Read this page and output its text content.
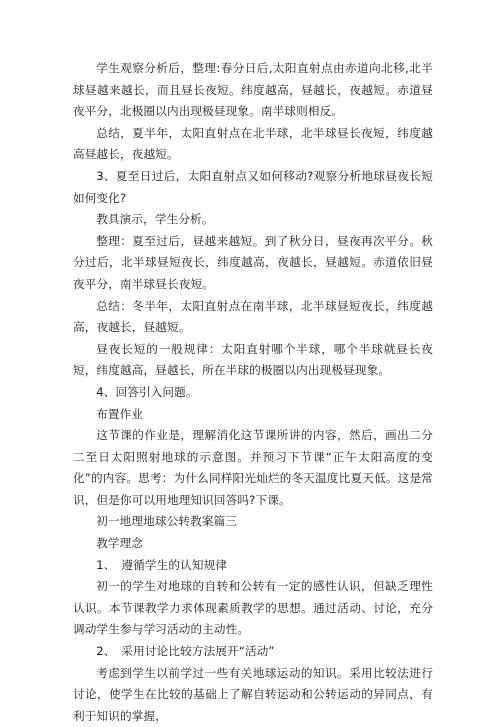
学生观察分析后，整理:春分日后,太阳直射点由赤道向北移,北半球昼越来越长，而且昼长夜短。纬度越高，昼越长，夜越短。赤道昼夜平分，北极圈以内出现极昼现象。南半球则相反。

总结，夏半年，太阳直射点在北半球，北半球昼长夜短，纬度越高昼越长，夜越短。

3、夏至日过后，太阳直射点又如何移动?观察分析地球昼夜长短如何变化?

教具演示，学生分析。

整理：夏至过后，昼越来越短。到了秋分日，昼夜再次平分。秋分过后，北半球昼短夜长，纬度越高，夜越长，昼越短。赤道依旧昼夜平分，南半球昼长夜短。

总结：冬半年，太阳直射点在南半球，北半球昼短夜长，纬度越高，夜越长，昼越短。

昼夜长短的一般规律：太阳直射哪个半球，哪个半球就昼长夜短，纬度越高，昼越长，所在半球的极圈以内出现极昼现象。

4、回答引入问题。

布置作业

这节课的作业是，理解消化这节课所讲的内容，然后，画出二分二至日太阳照射地球的示意图。并预习下节课“正午太阳高度的变化”的内容。思考：为什么同样阳光灿烂的冬天温度比夏天低。这是常识，但是你可以用地理知识回答吗?下课。

初一地理地球公转教案篇三

教学理念

1、　遵循学生的认知规律

初一的学生对地球的自转和公转有一定的感性认识，但缺乏理性认识。本节课教学力求体现素质教学的思想。通过活动、讨论，充分调动学生参与学习活动的主动性。

2、　采用讨论比较方法展开“活动”

考虑到学生以前学过一些有关地球运动的知识。采用比较法进行讨论，使学生在比较的基础上了解自转运动和公转运动的异同点，有利于知识的掌握，
